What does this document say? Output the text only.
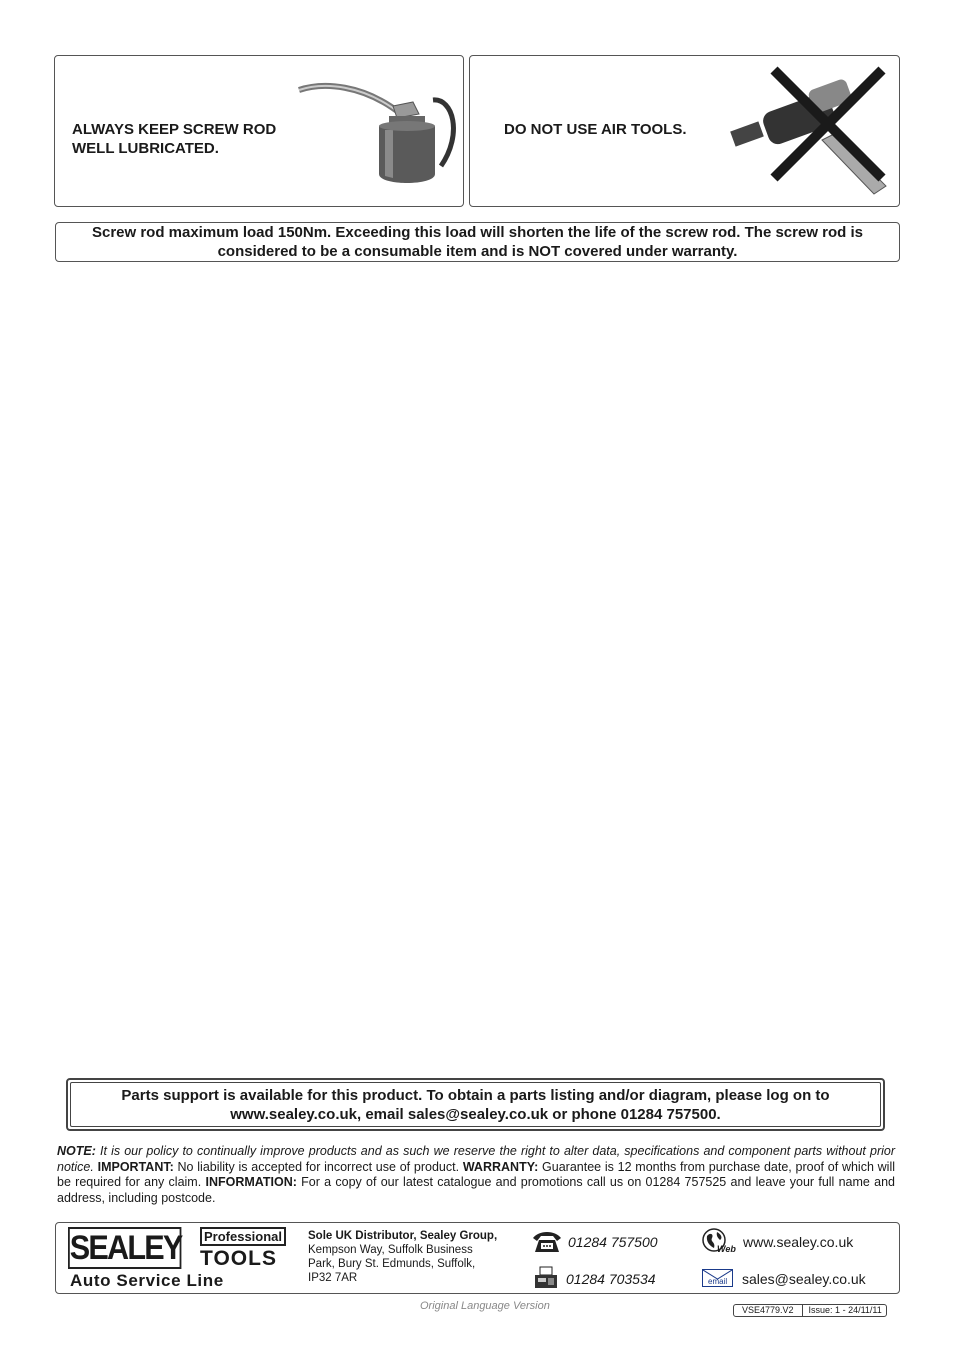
ALWAYS KEEP SCREW ROD
WELL LUBRICATED.
DO NOT USE AIR TOOLS.
Screw rod maximum load 150Nm. Exceeding this load will shorten the life of the screw rod. The screw rod is
considered to be a consumable item and is NOT covered under warranty.
Parts support is available for this product. To obtain a parts listing and/or diagram, please log on to
www.sealey.co.uk, email sales@sealey.co.uk or phone 01284 757500.
NOTE: It is our policy to continually improve products and as such we reserve the right to alter data, specifications and component parts without prior notice. IMPORTANT: No liability is accepted for incorrect use of product. WARRANTY: Guarantee is 12 months from purchase date, proof of which will be required for any claim. INFORMATION: For a copy of our latest catalogue and promotions call us on 01284 757525 and leave your full name and address, including postcode.
SEALEY	Professional
TOOLS
Auto Service Line
Sole UK Distributor, Sealey Group,
Kempson Way, Suffolk Business
Park, Bury St. Edmunds, Suffolk,
IP32 7AR
01284 757500
01284 703534
Web www.sealey.co.uk
email sales@sealey.co.uk
Original Language Version	VSE4779.V2	Issue: 1 - 24/11/11
